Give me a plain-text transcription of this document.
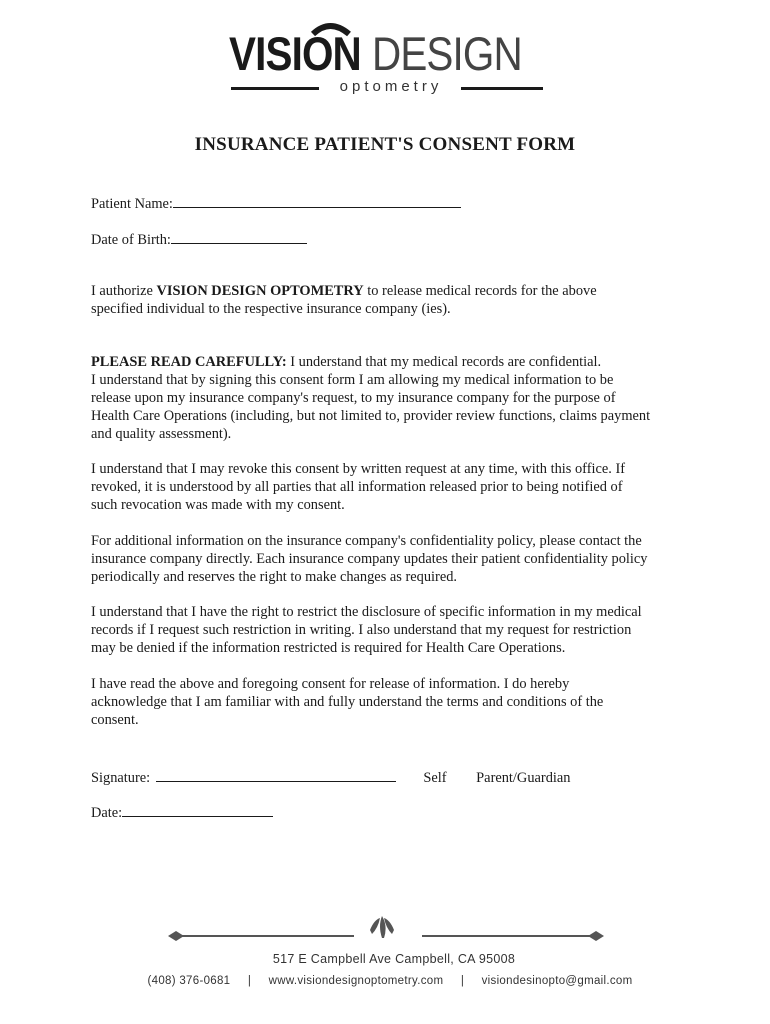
VISION DESIGN
optometry
INSURANCE PATIENT'S CONSENT FORM
Patient Name:
Date of Birth:
I authorize VISION DESIGN OPTOMETRY to release medical records for the above
specified individual to the respective insurance company (ies).
PLEASE READ CAREFULLY: I understand that my medical records are confidential.
I understand that by signing this consent form I am allowing my medical information to be
release upon my insurance company's request, to my insurance company for the purpose of
Health Care Operations (including, but not limited to, provider review functions, claims payment
and quality assessment).
I understand that I may revoke this consent by written request at any time, with this office. If
revoked, it is understood by all parties that all information released prior to being notified of
such revocation was made with my consent.
For additional information on the insurance company's confidentiality policy, please contact the
insurance company directly. Each insurance company updates their patient confidentiality policy
periodically and reserves the right to make changes as required.
I understand that I have the right to restrict the disclosure of specific information in my medical
records if I request such restriction in writing. I also understand that my request for restriction
may be denied if the information restricted is required for Health Care Operations.
I have read the above and foregoing consent for release of information. I do hereby
acknowledge that I am familiar with and fully understand the terms and conditions of the
consent.
Signature:	Self Parent/Guardian
Date:
517 E Campbell Ave Campbell, CA 95008
(408) 376-0681 | www.visiondesignoptometry.com | visiondesinopto@gmail.com
